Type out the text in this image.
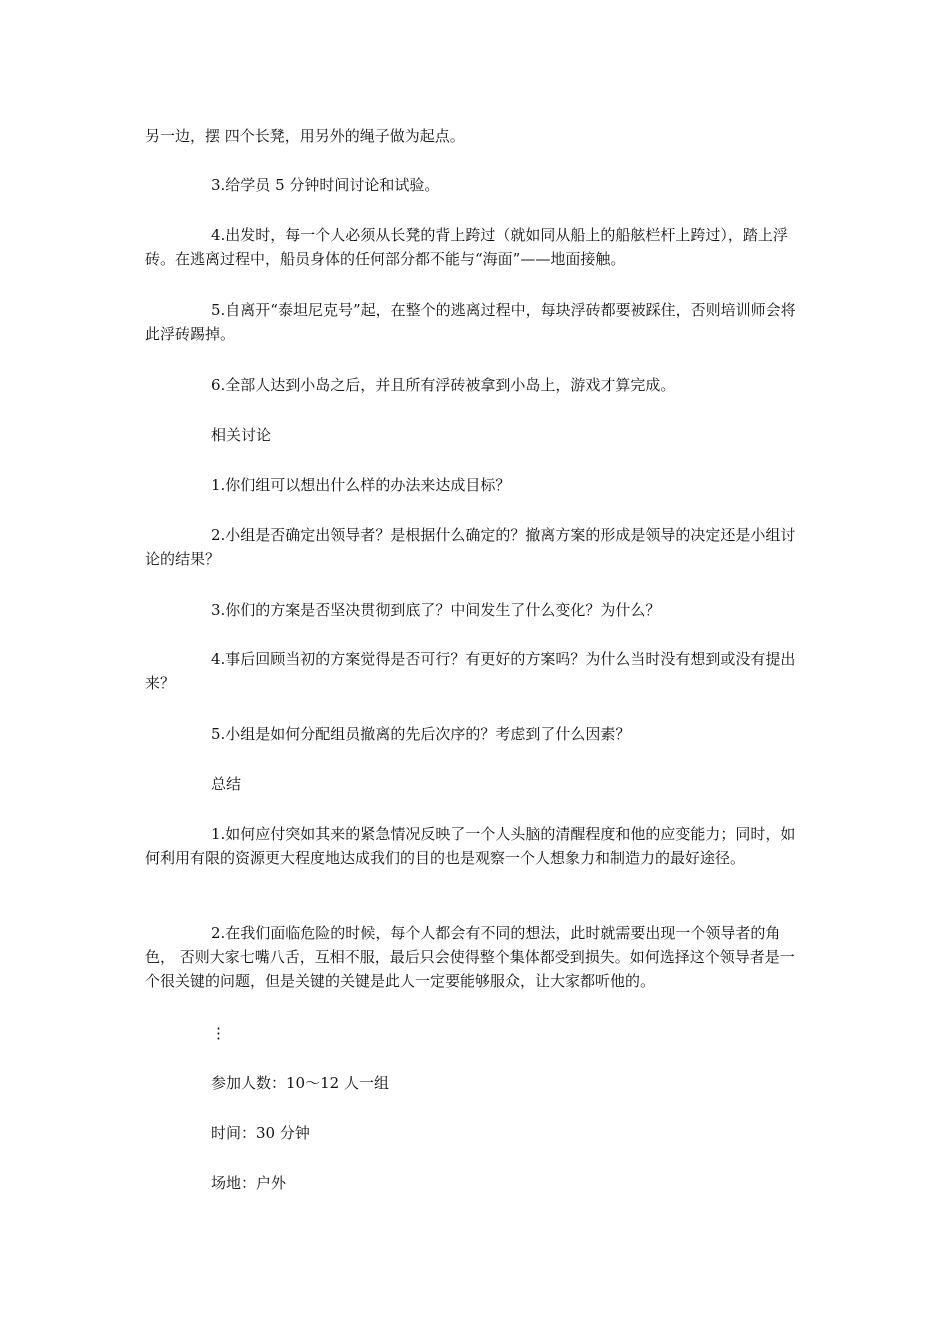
另一边，摆 四个长凳，用另外的绳子做为起点。

3.给学员 5 分钟时间讨论和试验。

4.出发时，每一个人必须从长凳的背上跨过（就如同从船上的船舷栏杆上跨过），踏上浮砖。在逃离过程中，船员身体的任何部分都不能与“海面”——地面接触。

5.自离开“泰坦尼克号”起，在整个的逃离过程中，每块浮砖都要被踩住，否则培训师会将此浮砖踢掉。

6.全部人达到小岛之后，并且所有浮砖被拿到小岛上，游戏才算完成。

相关讨论

1.你们组可以想出什么样的办法来达成目标？

2.小组是否确定出领导者？是根据什么确定的？撤离方案的形成是领导的决定还是小组讨论的结果？

3.你们的方案是否坚决贯彻到底了？中间发生了什么变化？为什么？

4.事后回顾当初的方案觉得是否可行？有更好的方案吗？为什么当时没有想到或没有提出来？

5.小组是如何分配组员撤离的先后次序的？考虑到了什么因素？

总结

1.如何应付突如其来的紧急情况反映了一个人头脑的清醒程度和他的应变能力；同时，如何利用有限的资源更大程度地达成我们的目的也是观察一个人想象力和制造力的最好途径。

2.在我们面临危险的时候，每个人都会有不同的想法，此时就需要出现一个领导者的角色， 否则大家七嘴八舌，互相不服，最后只会使得整个集体都受到损失。如何选择这个领导者是一个很关键的问题，但是关键的关键是此人一定要能够服众，让大家都听他的。

⋮

参加人数：10～12 人一组

时间：30 分钟

场地：户外
